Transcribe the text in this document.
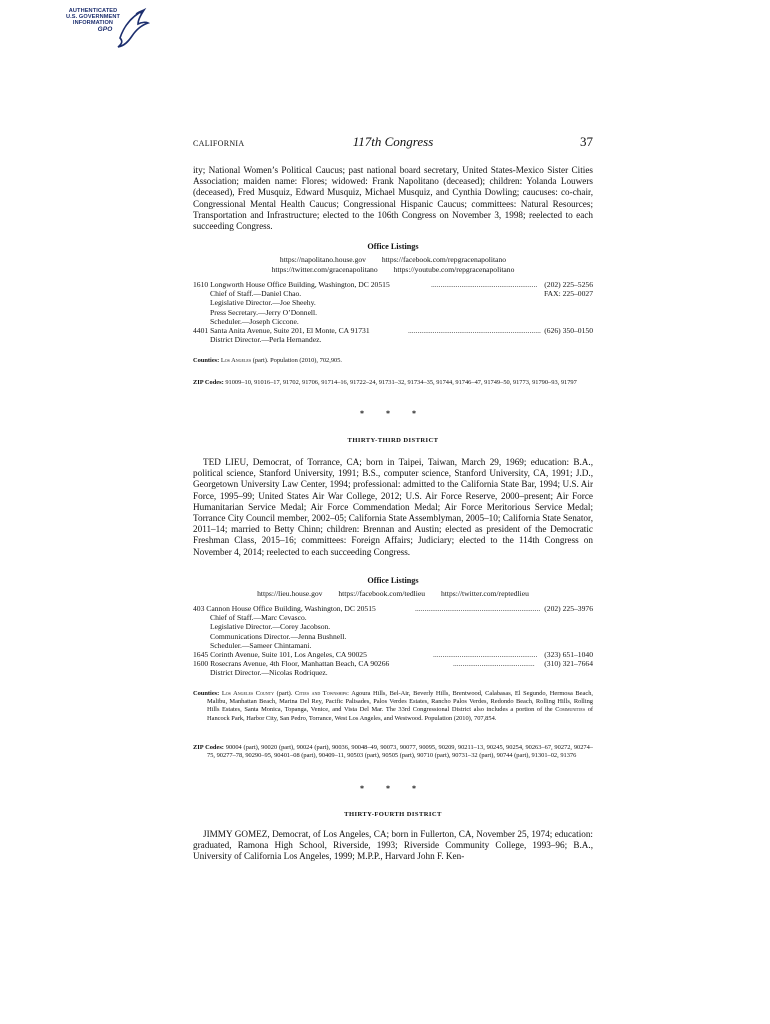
AUTHENTICATED
U.S. GOVERNMENT
INFORMATION
GPO
CALIFORNIA	117th Congress	37

ity; National Women’s Political Caucus; past national board secretary, United States-Mexico Sister Cities Association; maiden name: Flores; widowed: Frank Napolitano (deceased); children: Yolanda Louwers (deceased), Fred Musquiz, Edward Musquiz, Michael Musquiz, and Cynthia Dowling; caucuses: co-chair, Congressional Mental Health Caucus; Congressional Hispanic Caucus; committees: Natural Resources; Transportation and Infrastructure; elected to the 106th Congress on November 3, 1998; reelected to each succeeding Congress.

Office Listings
https://napolitano.house.gov https://facebook.com/repgracenapolitano
https://twitter.com/gracenapolitano https://youtube.com/repgracenapolitano
1610 Longworth House Office Building, Washington, DC 20515	........................................................ (202) 225–5256
Chief of Staff.—Daniel Chao.	FAX: 225–0027
Legislative Director.—Joe Sheehy.
Press Secretary.—Jerry O’Donnell.
Scheduler.—Joseph Ciccone.
4401 Santa Anita Avenue, Suite 201, El Monte, CA 91731	...................................................................... (626) 350–0150
District Director.—Perla Hernandez.

Counties: Los Angeles (part). Population (2010), 702,905.

ZIP Codes: 91009–10, 91016–17, 91702, 91706, 91714–16, 91722–24, 91731–32, 91734–35, 91744, 91746–47, 91749–50, 91773, 91790–93, 91797

* * *
THIRTY-THIRD DISTRICT

TED LIEU, Democrat, of Torrance, CA; born in Taipei, Taiwan, March 29, 1969; education: B.A., political science, Stanford University, 1991; B.S., computer science, Stanford University, CA, 1991; J.D., Georgetown University Law Center, 1994; professional: admitted to the California State Bar, 1994; U.S. Air Force, 1995–99; United States Air War College, 2012; U.S. Air Force Reserve, 2000–present; Air Force Humanitarian Service Medal; Air Force Commendation Medal; Air Force Meritorious Service Medal; Torrance City Council member, 2002–05; California State Assemblyman, 2005–10; California State Senator, 2011–14; married to Betty Chinn; children: Brennan and Austin; elected as president of the Democratic Freshman Class, 2015–16; committees: Foreign Affairs; Judiciary; elected to the 114th Congress on November 4, 2014; reelected to each succeeding Congress.

Office Listings
https://lieu.house.gov https://facebook.com/tedlieu https://twitter.com/reptedlieu
403 Cannon House Office Building, Washington, DC 20515	.................................................................. (202) 225–3976
Chief of Staff.—Marc Cevasco.
Legislative Director.—Corey Jacobson.
Communications Director.—Jenna Bushnell.
Scheduler.—Sameer Chintamani.
1645 Corinth Avenue, Suite 101, Los Angeles, CA 90025	....................................................... (323) 651–1040
1600 Rosecrans Avenue, 4th Floor, Manhattan Beach, CA 90266	........................................... (310) 321–7664
District Director.—Nicolas Rodriquez.

Counties: Los Angeles County (part). Cities and Townships: Agoura Hills, Bel-Air, Beverly Hills, Brentwood, Calabasas, El Segundo, Hermosa Beach, Malibu, Manhattan Beach, Marina Del Rey, Pacific Palisades, Palos Verdes Estates, Rancho Palos Verdes, Redondo Beach, Rolling Hills, Rolling Hills Estates, Santa Monica, Topanga, Venice, and Vista Del Mar. The 33rd Congressional District also includes a portion of the Communities of Hancock Park, Harbor City, San Pedro, Torrance, West Los Angeles, and Westwood. Population (2010), 707,854.

ZIP Codes: 90004 (part), 90020 (part), 90024 (part), 90036, 90048–49, 90073, 90077, 90095, 90209, 90211–13, 90245, 90254, 90263–67, 90272, 90274–75, 90277–78, 90290–95, 90401–08 (part), 90409–11, 90503 (part), 90505 (part), 90710 (part), 90731–32 (part), 90744 (part), 91301–02, 91376

* * *
THIRTY-FOURTH DISTRICT

JIMMY GOMEZ, Democrat, of Los Angeles, CA; born in Fullerton, CA, November 25, 1974; education: graduated, Ramona High School, Riverside, 1993; Riverside Community College, 1993–96; B.A., University of California Los Angeles, 1999; M.P.P., Harvard John F. Ken-
